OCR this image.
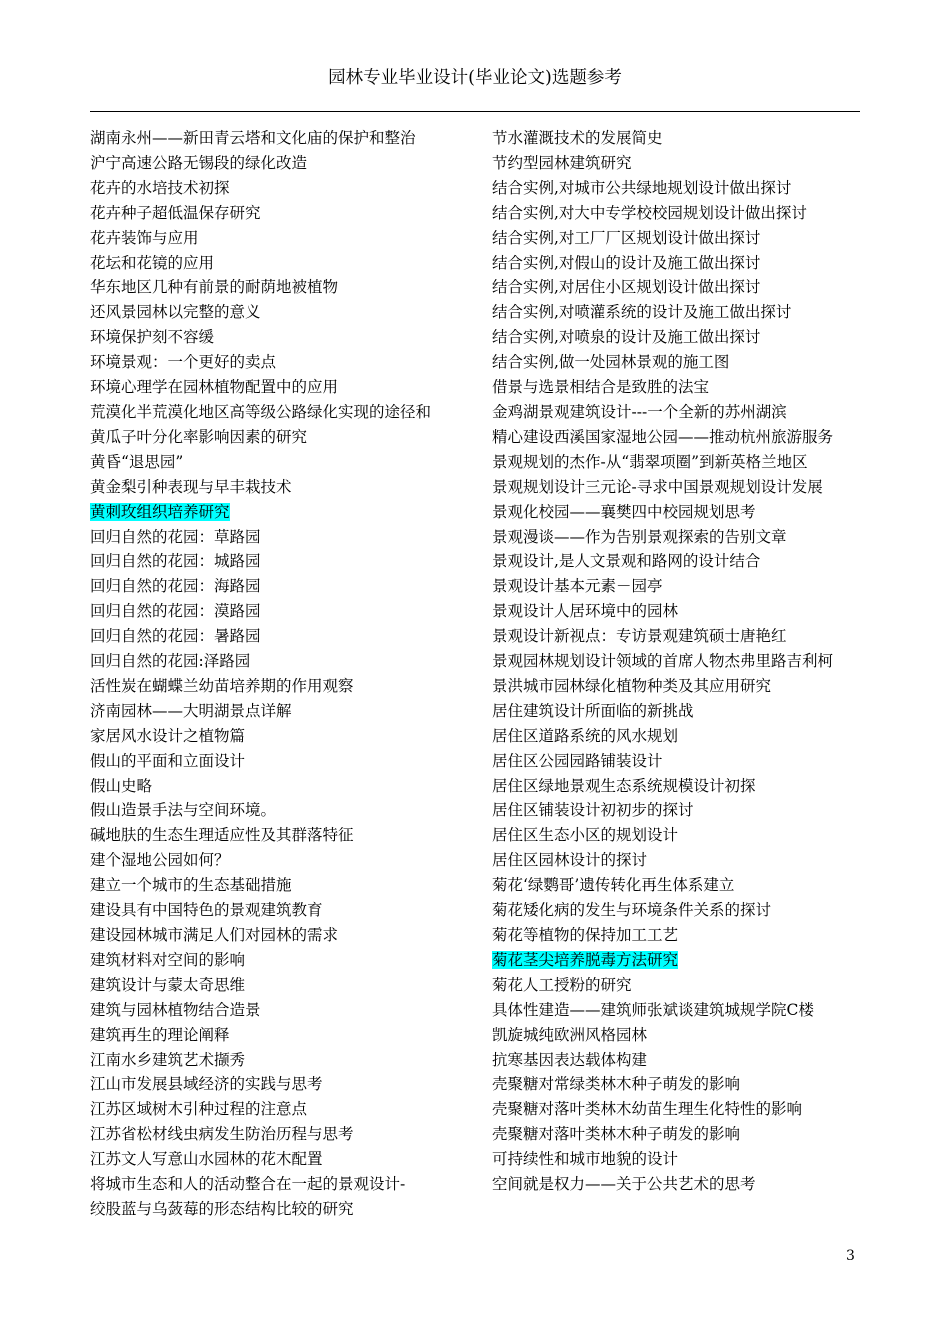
园林专业毕业设计(毕业论文)选题参考
湖南永州——新田青云塔和文化庙的保护和整治
沪宁高速公路无锡段的绿化改造
花卉的水培技术初探
花卉种子超低温保存研究
花卉装饰与应用
花坛和花镜的应用
华东地区几种有前景的耐荫地被植物
还风景园林以完整的意义
环境保护刻不容缓
环境景观：一个更好的卖点
环境心理学在园林植物配置中的应用
荒漠化半荒漠化地区高等级公路绿化实现的途径和
黄瓜子叶分化率影响因素的研究
黄昏“退思园”
黄金梨引种表现与早丰栽技术
黄刺玫组织培养研究
回归自然的花园：草路园
回归自然的花园：城路园
回归自然的花园：海路园
回归自然的花园：漠路园
回归自然的花园：暑路园
回归自然的花园:泽路园
活性炭在蝴蝶兰幼苗培养期的作用观察
济南园林——大明湖景点详解
家居风水设计之植物篇
假山的平面和立面设计
假山史略
假山造景手法与空间环境。
碱地肤的生态生理适应性及其群落特征
建个湿地公园如何？
建立一个城市的生态基础措施
建设具有中国特色的景观建筑教育
建设园林城市满足人们对园林的需求
建筑材料对空间的影响
建筑设计与蒙太奇思维
建筑与园林植物结合造景
建筑再生的理论阐释
江南水乡建筑艺术撷秀
江山市发展县域经济的实践与思考
江苏区域树木引种过程的注意点
江苏省松材线虫病发生防治历程与思考
江苏文人写意山水园林的花木配置
将城市生态和人的活动整合在一起的景观设计-
绞股蓝与乌蔹莓的形态结构比较的研究
节水灌溉技术的发展简史
节约型园林建筑研究
结合实例,对城市公共绿地规划设计做出探讨
结合实例,对大中专学校校园规划设计做出探讨
结合实例,对工厂厂区规划设计做出探讨
结合实例,对假山的设计及施工做出探讨
结合实例,对居住小区规划设计做出探讨
结合实例,对喷灌系统的设计及施工做出探讨
结合实例,对喷泉的设计及施工做出探讨
结合实例,做一处园林景观的施工图
借景与选景相结合是致胜的法宝
金鸡湖景观建筑设计---一个全新的苏州湖滨
精心建设西溪国家湿地公园——推动杭州旅游服务
景观规划的杰作-从“翡翠项圈”到新英格兰地区
景观规划设计三元论-寻求中国景观规划设计发展
景观化校园——襄樊四中校园规划思考
景观漫谈——作为告别景观探索的告别文章
景观设计,是人文景观和路网的设计结合
景观设计基本元素－园亭
景观设计人居环境中的园林
景观设计新视点：专访景观建筑硕士唐艳红
景观园林规划设计领域的首席人物杰弗里路吉利柯
景洪城市园林绿化植物种类及其应用研究
居住建筑设计所面临的新挑战
居住区道路系统的风水规划
居住区公园园路铺装设计
居住区绿地景观生态系统规模设计初探
居住区铺装设计初初步的探讨
居住区生态小区的规划设计
居住区园林设计的探讨
菊花‘绿鹦哥’遗传转化再生体系建立
菊花矮化病的发生与环境条件关系的探讨
菊花等植物的保持加工工艺
菊花茎尖培养脱毒方法研究
菊花人工授粉的研究
具体性建造——建筑师张斌谈建筑城规学院C楼
凯旋城纯欧洲风格园林
抗寒基因表达载体构建
壳聚糖对常绿类林木种子萌发的影响
壳聚糖对落叶类林木幼苗生理生化特性的影响
壳聚糖对落叶类林木种子萌发的影响
可持续性和城市地貌的设计
空间就是权力——关于公共艺术的思考
3
